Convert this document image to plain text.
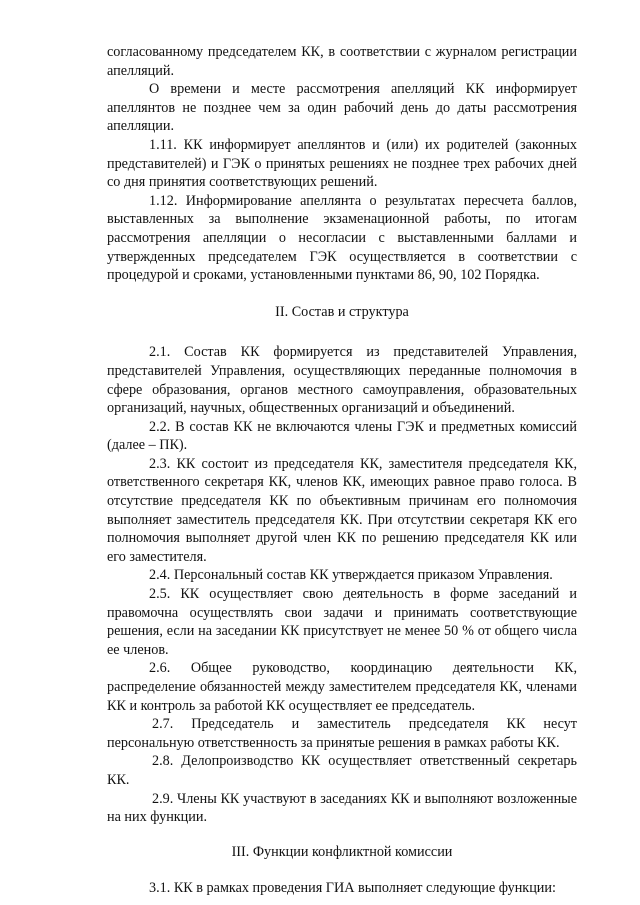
согласованному председателем КК, в соответствии с журналом регистрации апелляций.

О времени и месте рассмотрения апелляций КК информирует апеллянтов не позднее чем за один рабочий день до даты рассмотрения апелляции.

1.11. КК информирует апеллянтов и (или) их родителей (законных представителей) и ГЭК о принятых решениях не позднее трех рабочих дней со дня принятия соответствующих решений.

1.12. Информирование апеллянта о результатах пересчета баллов, выставленных за выполнение экзаменационной работы, по итогам рассмотрения апелляции о несогласии с выставленными баллами и утвержденных председателем ГЭК осуществляется в соответствии с процедурой и сроками, установленными пунктами 86, 90, 102 Порядка.

II. Состав и структура

2.1. Состав КК формируется из представителей Управления, представителей Управления, осуществляющих переданные полномочия в сфере образования, органов местного самоуправления, образовательных организаций, научных, общественных организаций и объединений.

2.2. В состав КК не включаются члены ГЭК и предметных комиссий (далее – ПК).

2.3. КК состоит из председателя КК, заместителя председателя КК, ответственного секретаря КК, членов КК, имеющих равное право голоса. В отсутствие председателя КК по объективным причинам его полномочия выполняет заместитель председателя КК. При отсутствии секретаря КК его полномочия выполняет другой член КК по решению председателя КК или его заместителя.

2.4. Персональный состав КК утверждается приказом Управления.

2.5. КК осуществляет свою деятельность в форме заседаний и правомочна осуществлять свои задачи и принимать соответствующие решения, если на заседании КК присутствует не менее 50 % от общего числа ее членов.

2.6. Общее руководство, координацию деятельности КК, распределение обязанностей между заместителем председателя КК, членами КК и контроль за работой КК осуществляет ее председатель.

2.7. Председатель и заместитель председателя КК несут персональную ответственность за принятые решения в рамках работы КК.

2.8. Делопроизводство КК осуществляет ответственный секретарь КК.

2.9. Члены КК участвуют в заседаниях КК и выполняют возложенные на них функции.

III. Функции конфликтной комиссии

3.1. КК в рамках проведения ГИА выполняет следующие функции:
